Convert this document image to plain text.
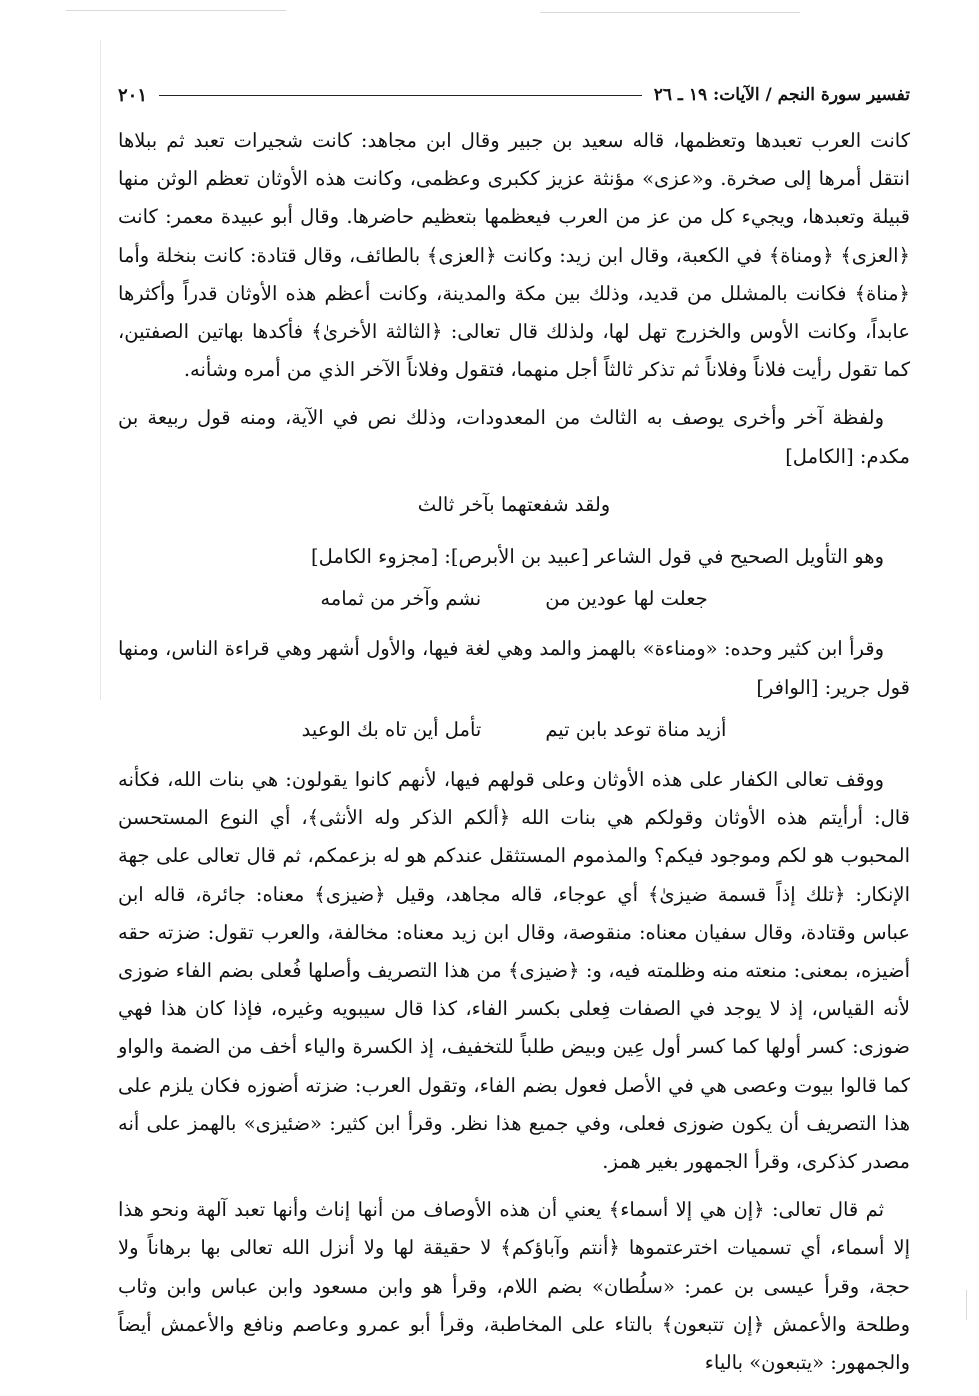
تفسير سورة النجم / الآيات: ١٩ ـ ٢٦
٢٠١

كانت العرب تعبدها وتعظمها، قاله سعيد بن جبير وقال ابن مجاهد: كانت شجيرات تعبد ثم ببلاها انتقل أمرها إلى صخرة. و«عزى» مؤنثة عزيز ككبرى وعظمى، وكانت هذه الأوثان تعظم الوثن منها قبيلة وتعبدها، ويجيء كل من عز من العرب فيعظمها بتعظيم حاضرها. وقال أبو عبيدة معمر: كانت ﴿العزى﴾ ﴿ومناة﴾ في الكعبة، وقال ابن زيد: وكانت ﴿العزى﴾ بالطائف، وقال قتادة: كانت بنخلة وأما ﴿مناة﴾ فكانت بالمشلل من قديد، وذلك بين مكة والمدينة، وكانت أعظم هذه الأوثان قدراً وأكثرها عابداً، وكانت الأوس والخزرج تهل لها، ولذلك قال تعالى: ﴿الثالثة الأخرىٰ﴾ فأكدها بهاتين الصفتين، كما تقول رأيت فلاناً وفلاناً ثم تذكر ثالثاً أجل منهما، فتقول وفلاناً الآخر الذي من أمره وشأنه.

ولفظة آخر وأخرى يوصف به الثالث من المعدودات، وذلك نص في الآية، ومنه قول ربيعة بن مكدم: [الكامل]

ولقد شفعتهما بآخر ثالث

وهو التأويل الصحيح في قول الشاعر [عبيد بن الأبرص]: [مجزوء الكامل]

جعلت لها عودين من
نشم وآخر من ثمامه

وقرأ ابن كثير وحده: «ومناءة» بالهمز والمد وهي لغة فيها، والأول أشهر وهي قراءة الناس، ومنها قول جرير: [الوافر]

أزيد مناة توعد بابن تيم
تأمل أين تاه بك الوعيد

ووقف تعالى الكفار على هذه الأوثان وعلى قولهم فيها، لأنهم كانوا يقولون: هي بنات الله، فكأنه قال: أرأيتم هذه الأوثان وقولكم هي بنات الله ﴿ألكم الذكر وله الأنثى﴾، أي النوع المستحسن المحبوب هو لكم وموجود فيكم؟ والمذموم المستثقل عندكم هو له بزعمكم، ثم قال تعالى على جهة الإنكار: ﴿تلك إذاً قسمة ضيزىٰ﴾ أي عوجاء، قاله مجاهد، وقيل ﴿ضيزى﴾ معناه: جائرة، قاله ابن عباس وقتادة، وقال سفيان معناه: منقوصة، وقال ابن زيد معناه: مخالفة، والعرب تقول: ضزته حقه أضيزه، بمعنى: منعته منه وظلمته فيه، و: ﴿ضيزى﴾ من هذا التصريف وأصلها فُعلى بضم الفاء ضوزى لأنه القياس، إذ لا يوجد في الصفات فِعلى بكسر الفاء، كذا قال سيبويه وغيره، فإذا كان هذا فهي ضوزى: كسر أولها كما كسر أول عِين وبيض طلباً للتخفيف، إذ الكسرة والياء أخف من الضمة والواو كما قالوا بيوت وعصى هي في الأصل فعول بضم الفاء، وتقول العرب: ضزته أضوزه فكان يلزم على هذا التصريف أن يكون ضوزى فعلى، وفي جميع هذا نظر. وقرأ ابن كثير: «ضئيزى» بالهمز على أنه مصدر كذكرى، وقرأ الجمهور بغير همز.

ثم قال تعالى: ﴿إن هي إلا أسماء﴾ يعني أن هذه الأوصاف من أنها إناث وأنها تعبد آلهة ونحو هذا إلا أسماء، أي تسميات اخترعتموها ﴿أنتم وآباؤكم﴾ لا حقيقة لها ولا أنزل الله تعالى بها برهاناً ولا حجة، وقرأ عيسى بن عمر: «سلُطان» بضم اللام، وقرأ هو وابن مسعود وابن عباس وابن وثاب وطلحة والأعمش ﴿إن تتبعون﴾ بالتاء على المخاطبة، وقرأ أبو عمرو وعاصم ونافع والأعمش أيضاً والجمهور: «يتبعون» بالياء
